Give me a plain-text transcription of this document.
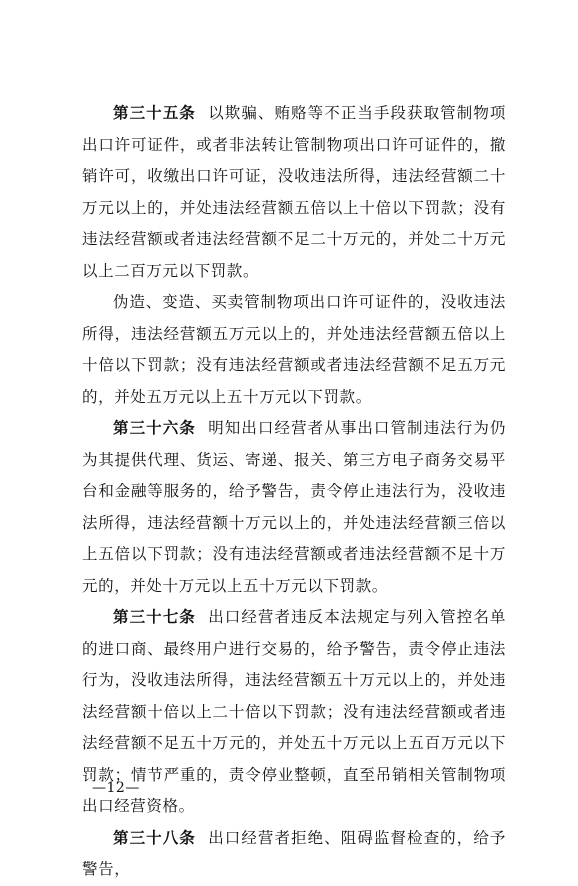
第三十五条 以欺骗、贿赂等不正当手段获取管制物项出口许可证件，或者非法转让管制物项出口许可证件的，撤销许可，收缴出口许可证，没收违法所得，违法经营额二十万元以上的，并处违法经营额五倍以上十倍以下罚款；没有违法经营额或者违法经营额不足二十万元的，并处二十万元以上二百万元以下罚款。

伪造、变造、买卖管制物项出口许可证件的，没收违法所得，违法经营额五万元以上的，并处违法经营额五倍以上十倍以下罚款；没有违法经营额或者违法经营额不足五万元的，并处五万元以上五十万元以下罚款。

第三十六条 明知出口经营者从事出口管制违法行为仍为其提供代理、货运、寄递、报关、第三方电子商务交易平台和金融等服务的，给予警告，责令停止违法行为，没收违法所得，违法经营额十万元以上的，并处违法经营额三倍以上五倍以下罚款；没有违法经营额或者违法经营额不足十万元的，并处十万元以上五十万元以下罚款。

第三十七条 出口经营者违反本法规定与列入管控名单的进口商、最终用户进行交易的，给予警告，责令停止违法行为，没收违法所得，违法经营额五十万元以上的，并处违法经营额十倍以上二十倍以下罚款；没有违法经营额或者违法经营额不足五十万元的，并处五十万元以上五百万元以下罚款；情节严重的，责令停业整顿，直至吊销相关管制物项出口经营资格。

第三十八条 出口经营者拒绝、阻碍监督检查的，给予警告，

—12—
